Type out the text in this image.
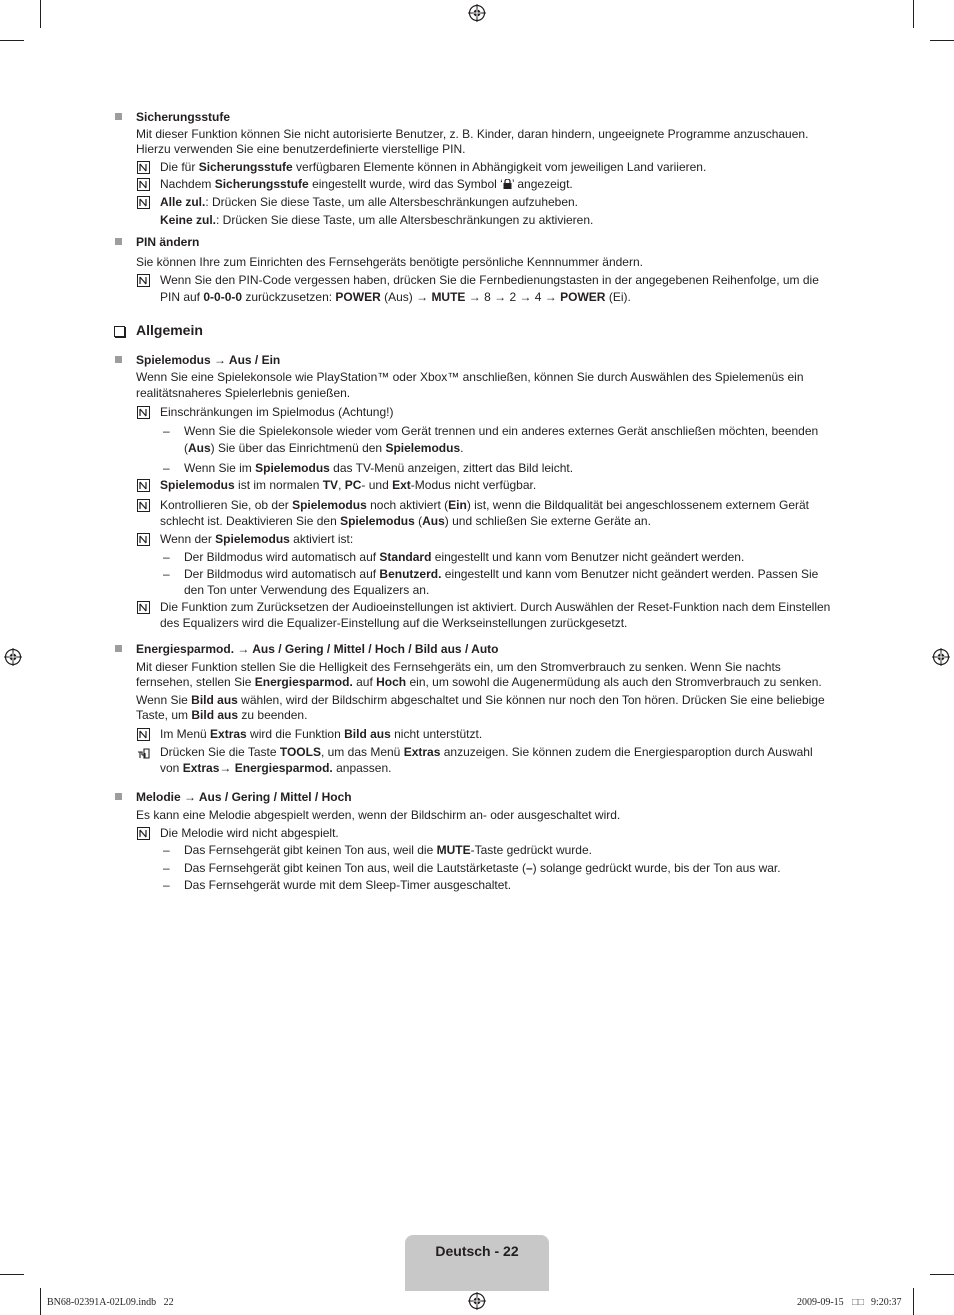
Sicherungsstufe
Mit dieser Funktion können Sie nicht autorisierte Benutzer, z. B. Kinder, daran hindern, ungeeignete Programme anzuschauen.
Hierzu verwenden Sie eine benutzerdefinierte vierstellige PIN.
Die für Sicherungsstufe verfügbaren Elemente können in Abhängigkeit vom jeweiligen Land variieren.
Nachdem Sicherungsstufe eingestellt wurde, wird das Symbol ‘ ’ angezeigt.
Alle zul.: Drücken Sie diese Taste, um alle Altersbeschränkungen aufzuheben.
Keine zul.: Drücken Sie diese Taste, um alle Altersbeschränkungen zu aktivieren.
PIN ändern
Sie können Ihre zum Einrichten des Fernsehgeräts benötigte persönliche Kennnummer ändern.
Wenn Sie den PIN-Code vergessen haben, drücken Sie die Fernbedienungstasten in der angegebenen Reihenfolge, um die
PIN auf 0-0-0-0 zurückzusetzen: POWER (Aus) → MUTE → 8 → 2 → 4 → POWER (Ei).
Allgemein
Spielemodus → Aus / Ein
Wenn Sie eine Spielekonsole wie PlayStation™ oder Xbox™ anschließen, können Sie durch Auswählen des Spielemenüs ein
realitätsnaheres Spielerlebnis genießen.
Einschränkungen im Spielmodus (Achtung!)
– Wenn Sie die Spielekonsole wieder vom Gerät trennen und ein anderes externes Gerät anschließen möchten, beenden
(Aus) Sie über das Einrichtmenü den Spielemodus.
– Wenn Sie im Spielemodus das TV-Menü anzeigen, zittert das Bild leicht.
Spielemodus ist im normalen TV, PC- und Ext-Modus nicht verfügbar.
Kontrollieren Sie, ob der Spielemodus noch aktiviert (Ein) ist, wenn die Bildqualität bei angeschlossenem externem Gerät
schlecht ist. Deaktivieren Sie den Spielemodus (Aus) und schließen Sie externe Geräte an.
Wenn der Spielemodus aktiviert ist:
– Der Bildmodus wird automatisch auf Standard eingestellt und kann vom Benutzer nicht geändert werden.
– Der Bildmodus wird automatisch auf Benutzerd. eingestellt und kann vom Benutzer nicht geändert werden. Passen Sie
den Ton unter Verwendung des Equalizers an.
Die Funktion zum Zurücksetzen der Audioeinstellungen ist aktiviert. Durch Auswählen der Reset-Funktion nach dem Einstellen
des Equalizers wird die Equalizer-Einstellung auf die Werkseinstellungen zurückgesetzt.
Energiesparmod. → Aus / Gering / Mittel / Hoch / Bild aus / Auto
Mit dieser Funktion stellen Sie die Helligkeit des Fernsehgeräts ein, um den Stromverbrauch zu senken. Wenn Sie nachts
fernsehen, stellen Sie Energiesparmod. auf Hoch ein, um sowohl die Augenermüdung als auch den Stromverbrauch zu senken.
Wenn Sie Bild aus wählen, wird der Bildschirm abgeschaltet und Sie können nur noch den Ton hören. Drücken Sie eine beliebige
Taste, um Bild aus zu beenden.
Im Menü Extras wird die Funktion Bild aus nicht unterstützt.
Drücken Sie die Taste TOOLS, um das Menü Extras anzuzeigen. Sie können zudem die Energiesparoption durch Auswahl
von Extras→ Energiesparmod. anpassen.
Melodie → Aus / Gering / Mittel / Hoch
Es kann eine Melodie abgespielt werden, wenn der Bildschirm an- oder ausgeschaltet wird.
Die Melodie wird nicht abgespielt.
– Das Fernsehgerät gibt keinen Ton aus, weil die MUTE-Taste gedrückt wurde.
– Das Fernsehgerät gibt keinen Ton aus, weil die Lautstärketaste (–) solange gedrückt wurde, bis der Ton aus war.
– Das Fernsehgerät wurde mit dem Sleep-Timer ausgeschaltet.
Deutsch - 22
BN68-02391A-02L09.indb   22	2009-09-15 □□ 9:20:37
